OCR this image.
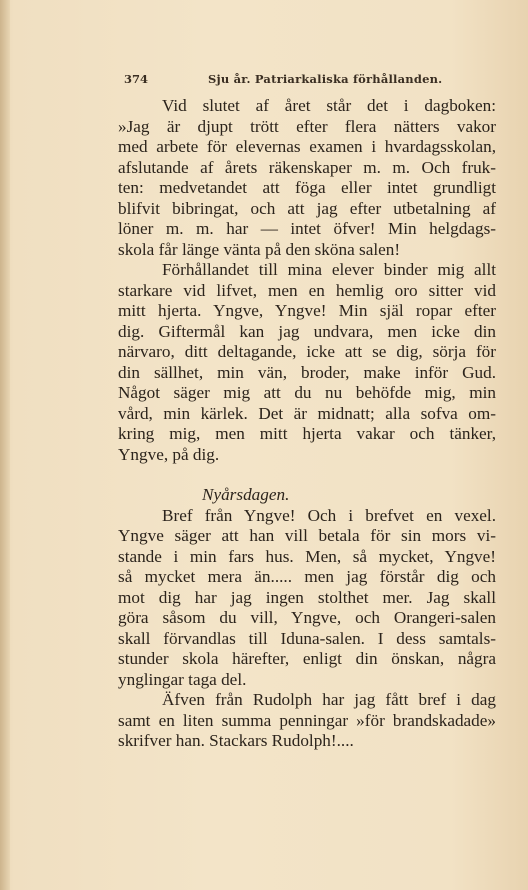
374	Sju år. Patriarkaliska förhållanden.
Vid slutet af året står det i dagboken:
»Jag är djupt trött efter flera nätters vakor
med arbete för elevernas examen i hvardagsskolan,
afslutande af årets räkenskaper m. m. Och fruk-
ten: medvetandet att föga eller intet grundligt
blifvit bibringat, och att jag efter utbetalning af
löner m. m. har — intet öfver! Min helgdags-
skola får länge vänta på den sköna salen!
Förhållandet till mina elever binder mig allt
starkare vid lifvet, men en hemlig oro sitter vid
mitt hjerta. Yngve, Yngve! Min själ ropar efter
dig. Giftermål kan jag undvara, men icke din
närvaro, ditt deltagande, icke att se dig, sörja för
din sällhet, min vän, broder, make inför Gud.
Något säger mig att du nu behöfde mig, min
vård, min kärlek. Det är midnatt; alla sofva om-
kring mig, men mitt hjerta vakar och tänker,
Yngve, på dig.
Nyårsdagen.
Bref från Yngve! Och i brefvet en vexel.
Yngve säger att han vill betala för sin mors vi-
stande i min fars hus. Men, så mycket, Yngve!
så mycket mera än..... men jag förstår dig och
mot dig har jag ingen stolthet mer. Jag skall
göra såsom du vill, Yngve, och Orangeri-salen
skall förvandlas till Iduna-salen. I dess samtals-
stunder skola härefter, enligt din önskan, några
ynglingar taga del.
Äfven från Rudolph har jag fått bref i dag
samt en liten summa penningar »för brandskadade»
skrifver han. Stackars Rudolph!....
